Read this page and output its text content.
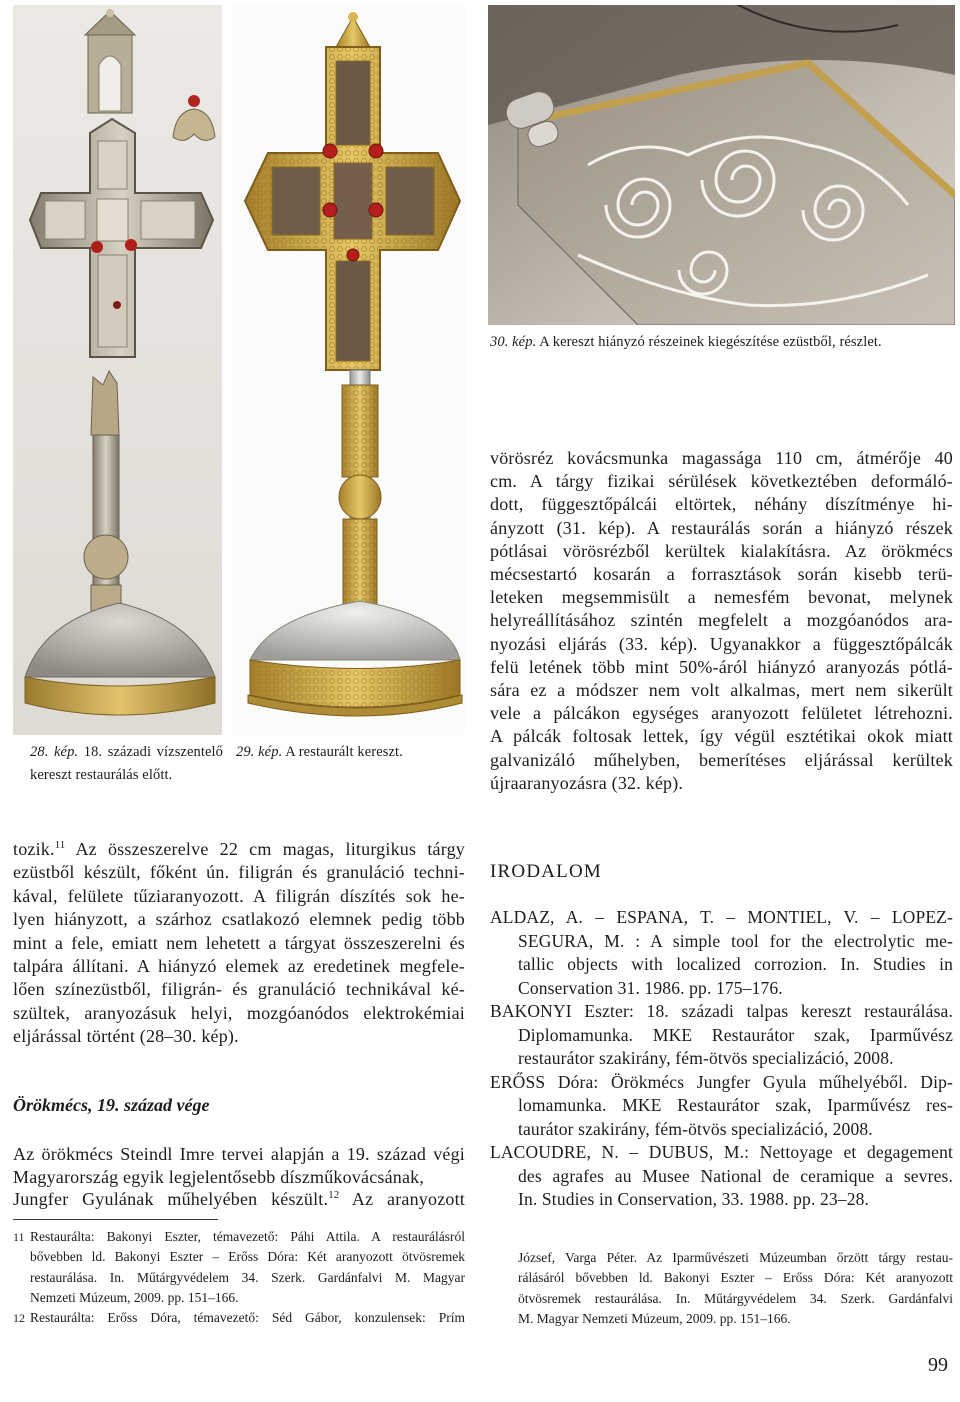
28. kép. 18. századi vízszentelő
kereszt restaurálás előtt.
29. kép. A restaurált kereszt.
30. kép. A kereszt hiányzó részeinek kiegészítése ezüstből, részlet.
vörösréz kovácsmunka magassága 110 cm, átmérője 40
cm. A tárgy fizikai sérülések következtében deformáló-
dott, függesztőpálcái eltörtek, néhány díszítménye hi-
ányzott (31. kép). A restaurálás során a hiányzó részek
pótlásai vörösrézből kerültek kialakításra. Az örökmécs
mécsestartó kosarán a forrasztások során kisebb terü-
leteken megsemmisült a nemesfém bevonat, melynek
helyreállításához szintén megfelelt a mozgóanódos ara-
nyozási eljárás (33. kép). Ugyanakkor a függesztőpálcák
felü letének több mint 50%-áról hiányzó aranyozás pótlá-
sára ez a módszer nem volt alkalmas, mert nem sikerült
vele a pálcákon egységes aranyozott felületet létrehozni.
A pálcák foltosak lettek, így végül esztétikai okok miatt
galvanizáló műhelyben, bemerítéses eljárással kerültek
újraaranyozásra (32. kép).
tozik.$^{11}$ Az összeszerelve 22 cm magas, liturgikus tárgy
ezüstből készült, főként ún. filigrán és granuláció techni-
kával, felülete tűziaranyozott. A filigrán díszítés sok he-
lyen hiányzott, a szárhoz csatlakozó elemnek pedig több
mint a fele, emiatt nem lehetett a tárgyat összeszerelni és
talpára állítani. A hiányzó elemek az eredetinek megfele-
lően színezüstből, filigrán- és granuláció technikával ké-
szültek, aranyozásuk helyi, mozgóanódos elektrokémiai
eljárással történt (28–30. kép).
Örökmécs, 19. század vége
Az örökmécs Steindl Imre tervei alapján a 19. század végi
Magyarország egyik legjelentősebb díszműkovácsának,
Jungfer Gyulának műhelyében készült.$^{12}$ Az aranyozott
IRODALOM
ALDAZ, A. – ESPANA, T. – MONTIEL, V. – LOPEZ-
SEGURA, M. : A simple tool for the electrolytic me-
tallic objects with localized corrozion. In. Studies in
Conservation 31. 1986. pp. 175–176.
BAKONYI Eszter: 18. századi talpas kereszt restaurálása.
Diplomamunka. MKE Restaurátor szak, Iparművész
restaurátor szakirány, fém-ötvös specializáció, 2008.
ERŐSS Dóra: Örökmécs Jungfer Gyula műhelyéből. Dip-
lomamunka. MKE Restaurátor szak, Iparművész res-
taurátor szakirány, fém-ötvös specializáció, 2008.
LACOUDRE, N. – DUBUS, M.: Nettoyage et degagement
des agrafes au Musee National de ceramique a sevres.
In. Studies in Conservation, 33. 1988. pp. 23–28.
11 Restaurálta: Bakonyi Eszter, témavezető: Páhi Attila. A restaurálásról
bővebben ld. Bakonyi Eszter – Erőss Dóra: Két aranyozott ötvösremek
restaurálása. In. Műtárgyvédelem 34. Szerk. Gardánfalvi M. Magyar
Nemzeti Múzeum, 2009. pp. 151–166.
12 Restaurálta: Erőss Dóra, témavezető: Séd Gábor, konzulensek: Prím
József, Varga Péter. Az Iparművészeti Múzeumban őrzött tárgy restau-
rálásáról bővebben ld. Bakonyi Eszter – Erőss Dóra: Két aranyozott
ötvösremek restaurálása. In. Műtárgyvédelem 34. Szerk. Gardánfalvi
M. Magyar Nemzeti Múzeum, 2009. pp. 151–166.
99
